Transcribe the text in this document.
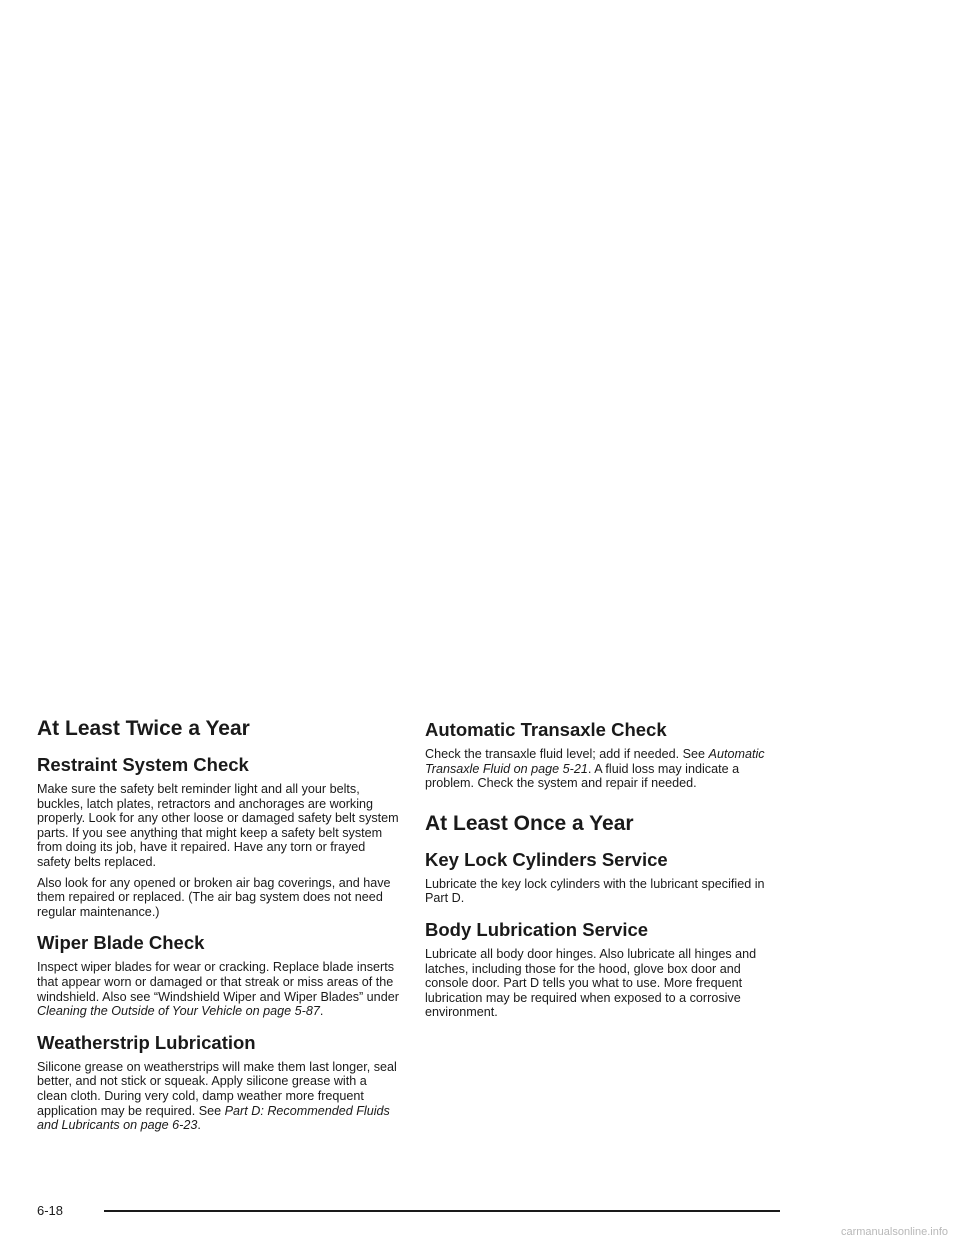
At Least Twice a Year
Restraint System Check

Make sure the safety belt reminder light and all your belts, buckles, latch plates, retractors and anchorages are working properly. Look for any other loose or damaged safety belt system parts. If you see anything that might keep a safety belt system from doing its job, have it repaired. Have any torn or frayed safety belts replaced.

Also look for any opened or broken air bag coverings, and have them repaired or replaced. (The air bag system does not need regular maintenance.)

Wiper Blade Check

Inspect wiper blades for wear or cracking. Replace blade inserts that appear worn or damaged or that streak or miss areas of the windshield. Also see “Windshield Wiper and Wiper Blades” under Cleaning the Outside of Your Vehicle on page 5-87.

Weatherstrip Lubrication

Silicone grease on weatherstrips will make them last longer, seal better, and not stick or squeak. Apply silicone grease with a clean cloth. During very cold, damp weather more frequent application may be required. See Part D: Recommended Fluids and Lubricants on page 6-23.

Automatic Transaxle Check

Check the transaxle fluid level; add if needed. See Automatic Transaxle Fluid on page 5-21. A fluid loss may indicate a problem. Check the system and repair if needed.

At Least Once a Year
Key Lock Cylinders Service

Lubricate the key lock cylinders with the lubricant specified in Part D.

Body Lubrication Service

Lubricate all body door hinges. Also lubricate all hinges and latches, including those for the hood, glove box door and console door. Part D tells you what to use. More frequent lubrication may be required when exposed to a corrosive environment.

6-18
carmanualsonline.info
